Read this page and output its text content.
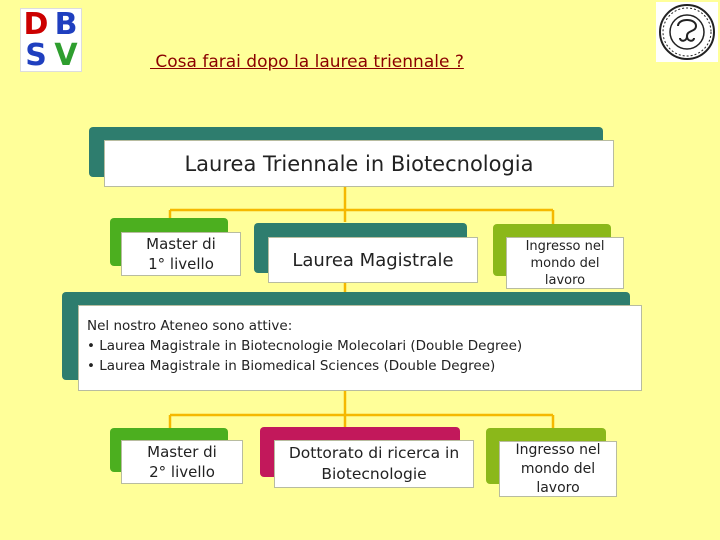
D B
S V	Cosa farai dopo la laurea triennale ?
Laurea Triennale in Biotecnologia
Master di
1° livello	Laurea Magistrale
Ingresso nel
mondo del
lavoro
Nel nostro Ateneo sono attive:
• Laurea Magistrale in Biotecnologie Molecolari (Double Degree)
• Laurea Magistrale in Biomedical Sciences (Double Degree)
Master di
2° livello
Dottorato di ricerca in
Biotecnologie
Ingresso nel
mondo del
lavoro
